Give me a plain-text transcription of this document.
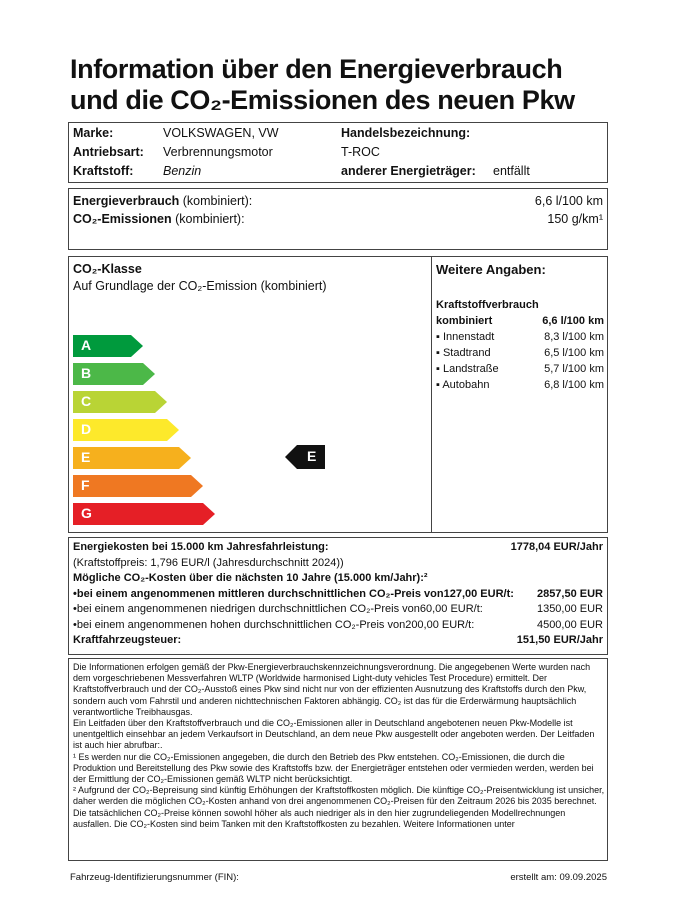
Information über den Energieverbrauch
und die CO₂-Emissionen des neuen Pkw
Marke:	VOLKSWAGEN, VW
Antriebsart: Verbrennungsmotor
Kraftstoff: Benzin
Handelsbezeichnung:
T-ROC
anderer Energieträger: entfällt
Energieverbrauch (kombiniert):	6,6 l/100 km
CO₂-Emissionen (kombiniert):	150 g/km¹
CO₂-Klasse
Auf Grundlage der CO₂-Emission (kombiniert)
A
B
C
D
E
F
G
E
Weitere Angaben:
Kraftstoffverbrauch
kombiniert	6,6 l/100 km
▪ Innenstadt	8,3 l/100 km
▪ Stadtrand	6,5 l/100 km
▪ Landstraße	5,7 l/100 km
▪ Autobahn	6,8 l/100 km
Energiekosten bei 15.000 km Jahresfahrleistung:	1778,04 EUR/Jahr
(Kraftstoffpreis: 1,796 EUR/l (Jahresdurchschnitt 2024))
Mögliche CO₂-Kosten über die nächsten 10 Jahre (15.000 km/Jahr):²
•bei einem angenommenen mittleren durchschnittlichen CO₂-Preis von127,00 EUR/t: 2857,50 EUR
•bei einem angenommenen niedrigen durchschnittlichen CO₂-Preis von60,00 EUR/t:	1350,00 EUR
•bei einem angenommenen hohen durchschnittlichen CO₂-Preis von200,00 EUR/t:	4500,00 EUR
Kraftfahrzeugsteuer:	151,50 EUR/Jahr

Die Informationen erfolgen gemäß der Pkw-Energieverbrauchskennzeichnungsverordnung. Die angegebenen Werte wurden nach dem vorgeschriebenen Messverfahren WLTP (Worldwide harmonised Light-duty vehicles Test Procedure) ermittelt. Der Kraftstoffverbrauch und der CO₂-Ausstoß eines Pkw sind nicht nur von der effizienten Ausnutzung des Kraftstoffs durch den Pkw, sondern auch vom Fahrstil und anderen nichttechnischen Faktoren abhängig. CO₂ ist das für die Erderwärmung hauptsächlich verantwortliche Treibhausgas.

Ein Leitfaden über den Kraftstoffverbrauch und die CO₂-Emissionen aller in Deutschland angebotenen neuen Pkw-Modelle ist unentgeltlich einsehbar an jedem Verkaufsort in Deutschland, an dem neue Pkw ausgestellt oder angeboten werden. Der Leitfaden ist auch hier abrufbar:.

¹ Es werden nur die CO₂-Emissionen angegeben, die durch den Betrieb des Pkw entstehen. CO₂-Emissionen, die durch die Produktion und Bereitstellung des Pkw sowie des Kraftstoffs bzw. der Energieträger entstehen oder vermieden werden, werden bei der Ermittlung der CO₂-Emissionen gemäß WLTP nicht berücksichtigt.

² Aufgrund der CO₂-Bepreisung sind künftig Erhöhungen der Kraftstoffkosten möglich. Die künftige CO₂-Preisentwicklung ist unsicher, daher werden die möglichen CO₂-Kosten anhand von drei angenommenen CO₂-Preisen für den Zeitraum 2026 bis 2035 berechnet. Die tatsächlichen CO₂-Preise können sowohl höher als auch niedriger als in den hier zugrundeliegenden Modellrechnungen ausfallen. Die CO₂-Kosten sind beim Tanken mit den Kraftstoffkosten zu bezahlen. Weitere Informationen unter

Fahrzeug-Identifizierungsnummer (FIN):	erstellt am: 09.09.2025
